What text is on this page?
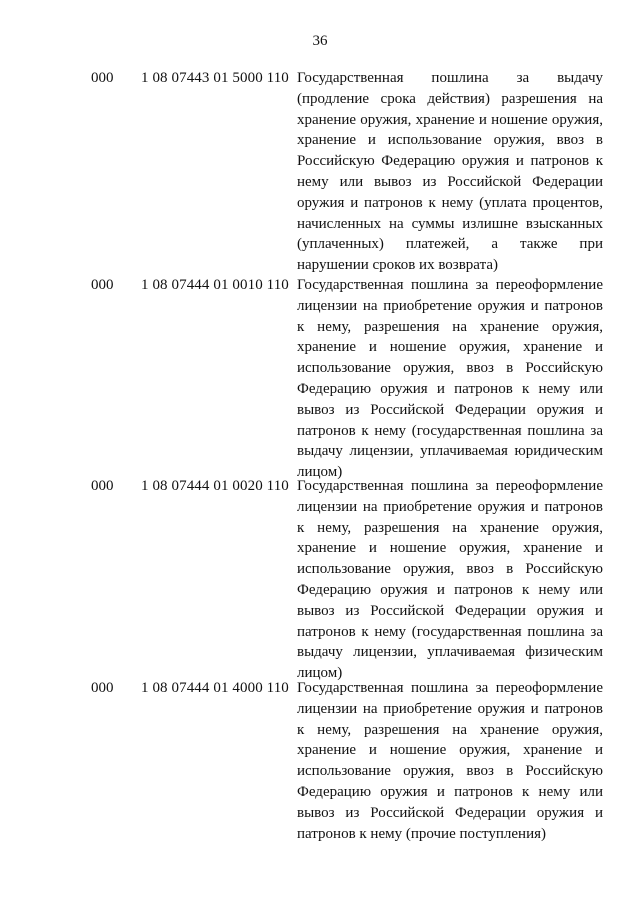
36
000 1 08 07443 01 5000 110 Государственная пошлина за выдачу (продление срока действия) разрешения на хранение оружия, хранение и ношение оружия, хранение и использование оружия, ввоз в Российскую Федерацию оружия и патронов к нему или вывоз из Российской Федерации оружия и патронов к нему (уплата процентов, начисленных на суммы излишне взысканных (уплаченных) платежей, а также при нарушении сроков их возврата)
000 1 08 07444 01 0010 110 Государственная пошлина за переоформление лицензии на приобретение оружия и патронов к нему, разрешения на хранение оружия, хранение и ношение оружия, хранение и использование оружия, ввоз в Российскую Федерацию оружия и патронов к нему или вывоз из Российской Федерации оружия и патронов к нему (государственная пошлина за выдачу лицензии, уплачиваемая юридическим лицом)
000 1 08 07444 01 0020 110 Государственная пошлина за переоформление лицензии на приобретение оружия и патронов к нему, разрешения на хранение оружия, хранение и ношение оружия, хранение и использование оружия, ввоз в Российскую Федерацию оружия и патронов к нему или вывоз из Российской Федерации оружия и патронов к нему (государственная пошлина за выдачу лицензии, уплачиваемая физическим лицом)
000 1 08 07444 01 4000 110 Государственная пошлина за переоформление лицензии на приобретение оружия и патронов к нему, разрешения на хранение оружия, хранение и ношение оружия, хранение и использование оружия, ввоз в Российскую Федерацию оружия и патронов к нему или вывоз из Российской Федерации оружия и патронов к нему (прочие поступления)
